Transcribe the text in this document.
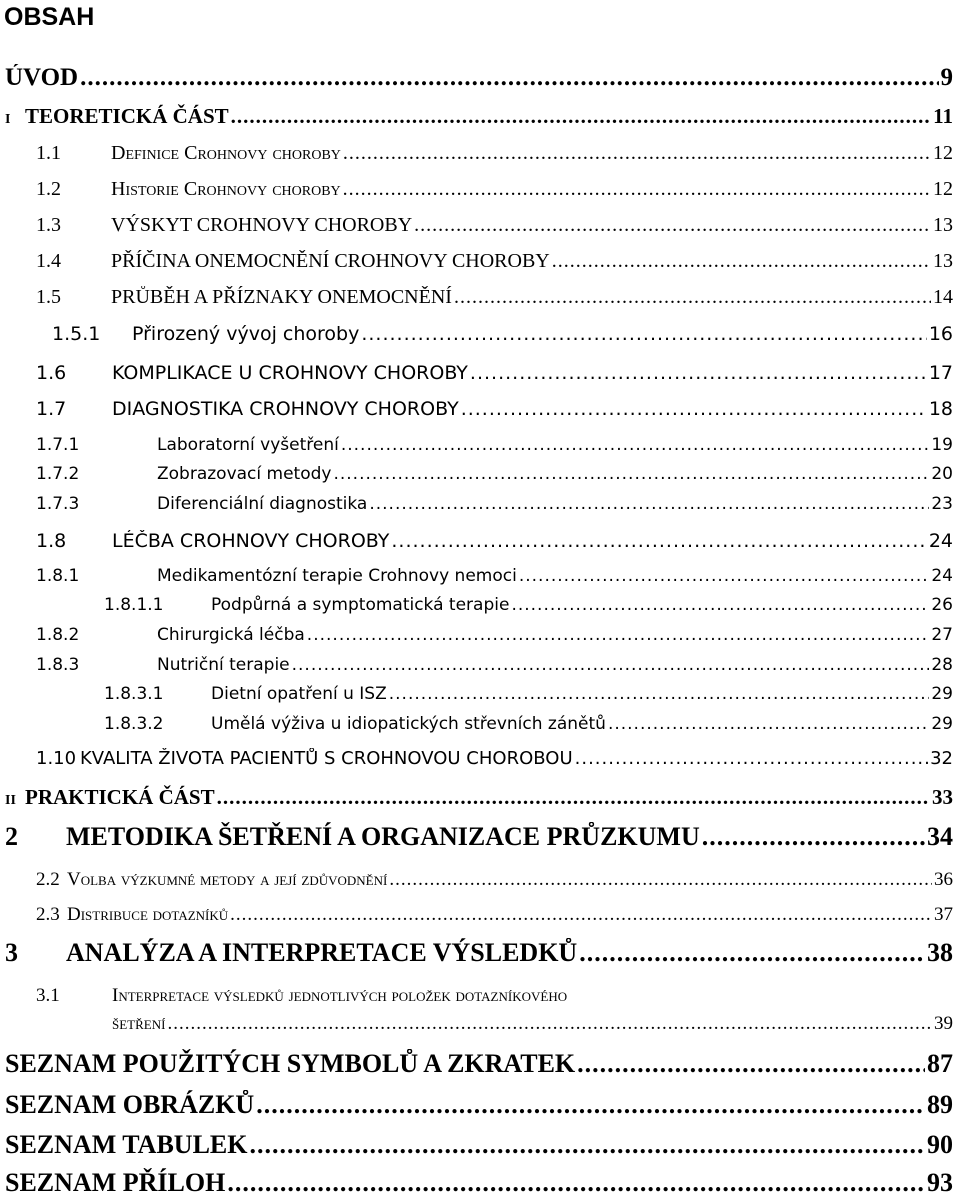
OBSAH
ÚVOD .....	9
I TEORETICKÁ ČÁST .....	11
1.1	Definice Crohnovy choroby .....	12
1.2	Historie Crohnovy choroby .....	12
1.3	VÝSKYT CROHNOVY CHOROBY .....	13
1.4	PŘÍČINA ONEMOCNĚNÍ CROHNOVY CHOROBY .....	13
1.5	PRŮBĚH A PŘÍZNAKY ONEMOCNĚNÍ .....	14
1.5.1	Přirozený vývoj choroby .....	16
1.6	KOMPLIKACE U CROHNOVY CHOROBY .....	17
1.7	DIAGNOSTIKA CROHNOVY CHOROBY .....	18
1.7.1	Laboratorní vyšetření .....	19
1.7.2	Zobrazovací metody .....	20
1.7.3	Diferenciální diagnostika .....	23
1.8	LÉČBA CROHNOVY CHOROBY .....	24
1.8.1	Medikamentózní terapie Crohnovy nemoci .....	24
1.8.1.1	Podpůrná a symptomatická terapie .....	26
1.8.2	Chirurgická léčba .....	27
1.8.3	Nutriční terapie .....	28
1.8.3.1	Dietní opatření u ISZ .....	29
1.8.3.2	Umělá výživa u idiopatických střevních zánětů .....	29
1.10 KVALITA ŽIVOTA PACIENTŮ S CROHNOVOU CHOROBOU .....	32
II PRAKTICKÁ ČÁST .....	33
2	METODIKA ŠETŘENÍ A ORGANIZACE PRŮZKUMU .....	34
2.2 Volba výzkumné metody a její zdůvodnění .....	36
2.3 Distribuce dotazníků .....	37
3	ANALÝZA A INTERPRETACE VÝSLEDKŮ .....	38
3.1	Interpretace výsledků jednotlivých položek dotazníkového
šetření .....	39
SEZNAM POUŽITÝCH SYMBOLŮ A ZKRATEK .....	87
SEZNAM OBRÁZKŮ .....	89
SEZNAM TABULEK .....	90
SEZNAM PŘÍLOH .....	93
